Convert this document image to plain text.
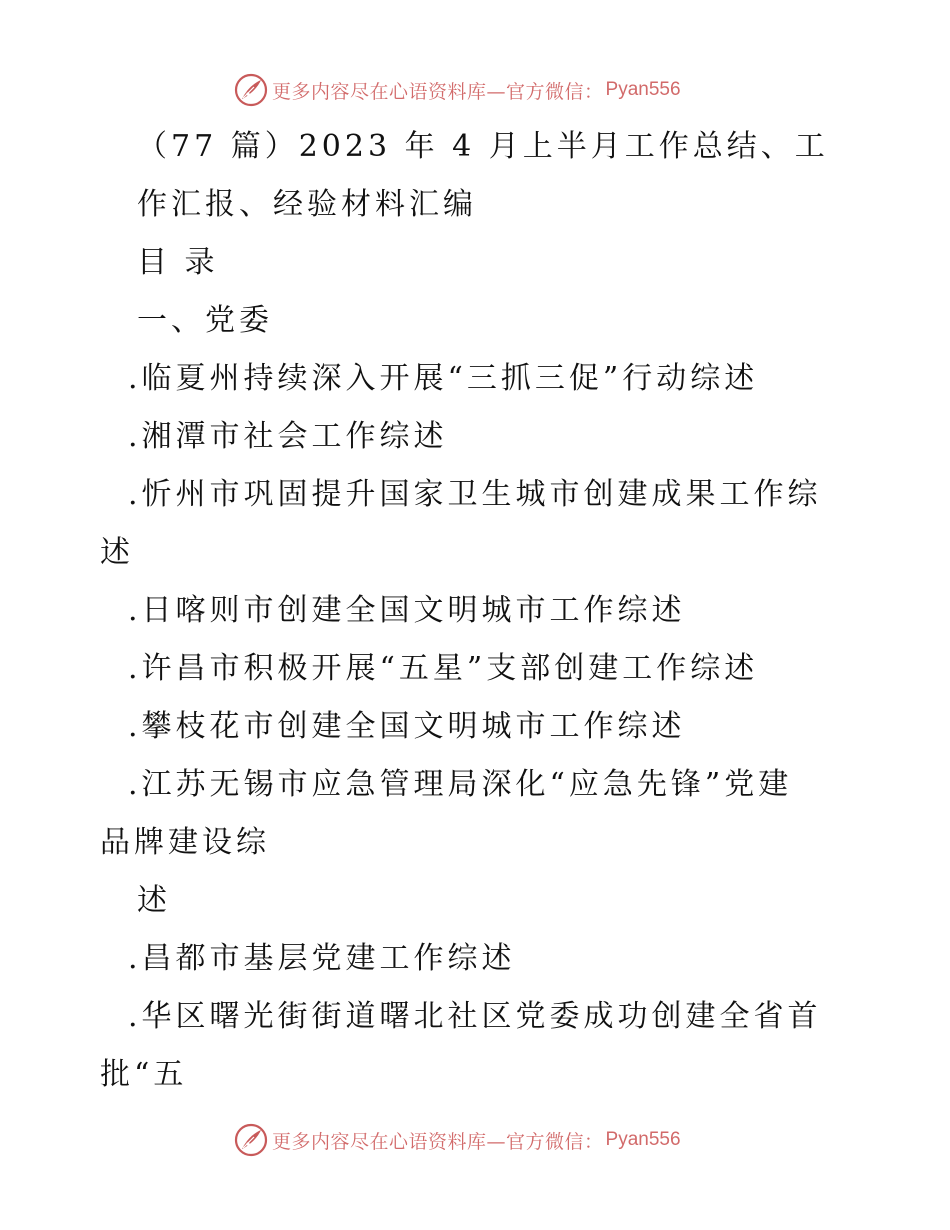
更多内容尽在心语资料库—官方微信： Pyan556

（77 篇）2023 年 4 月上半月工作总结、工

作汇报、经验材料汇编

目 录

一、党委

.临夏州持续深入开展“三抓三促”行动综述

.湘潭市社会工作综述

.忻州市巩固提升国家卫生城市创建成果工作综

述

.日喀则市创建全国文明城市工作综述

.许昌市积极开展“五星”支部创建工作综述

.攀枝花市创建全国文明城市工作综述

.江苏无锡市应急管理局深化“应急先锋”党建

品牌建设综

述

.昌都市基层党建工作综述

.华区曙光街街道曙北社区党委成功创建全省首

批“五

更多内容尽在心语资料库—官方微信： Pyan556
